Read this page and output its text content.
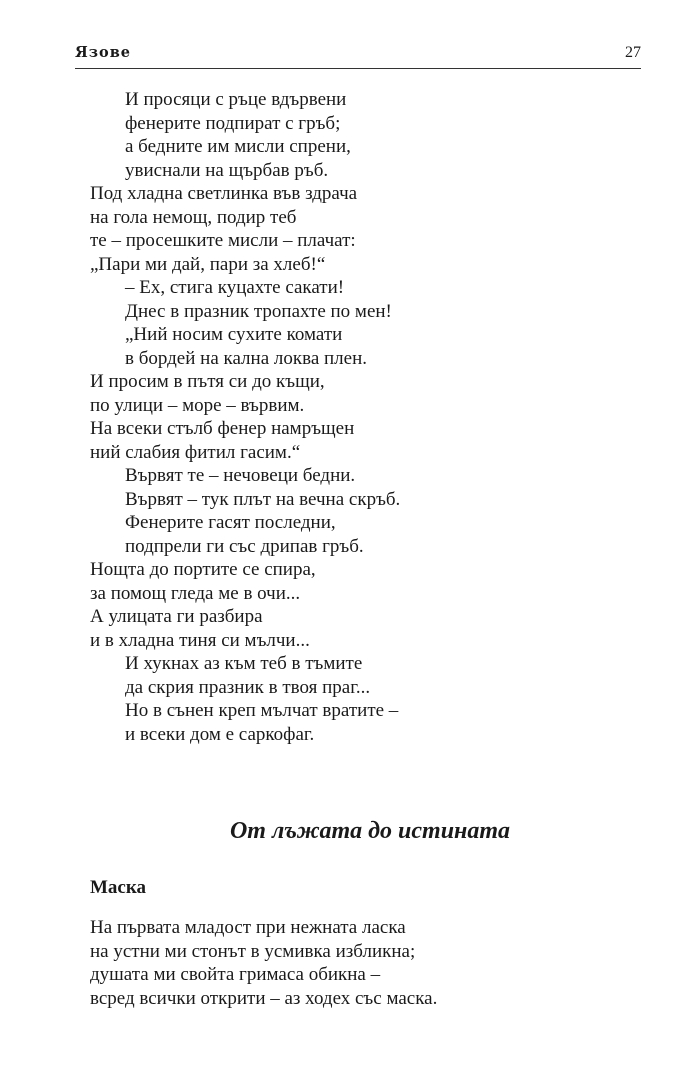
Язове	27
И просяци с ръце вдървени
фенерите подпират с гръб;
а бедните им мисли спрени,
увиснали на щърбав ръб.
Под хладна светлинка във здрача
на гола немощ, подир теб
те – просешките мисли – плачат:
„Пари ми дай, пари за хлеб!“
– Ех, стига куцахте сакати!
Днес в празник тропахте по мен!
„Ний носим сухите комати
в бордей на кална локва плен.
И просим в пътя си до къщи,
по улици – море – вървим.
На всеки стълб фенер намръщен
ний слабия фитил гасим.“
Вървят те – нечовеци бедни.
Вървят – тук плът на вечна скръб.
Фенерите гасят последни,
подпрели ги със дрипав гръб.
Нощта до портите се спира,
за помощ гледа ме в очи...
А улицата ги разбира
и в хладна тиня си мълчи...
И хукнах аз към теб в тъмите
да скрия празник в твоя праг...
Но в сънен креп мълчат вратите –
и всеки дом е саркофаг.
От лъжата до истината
Маска
На първата младост при нежната ласка
на устни ми стонът в усмивка избликна;
душата ми свойта гримаса обикна –
всред всички открити – аз ходех със маска.
